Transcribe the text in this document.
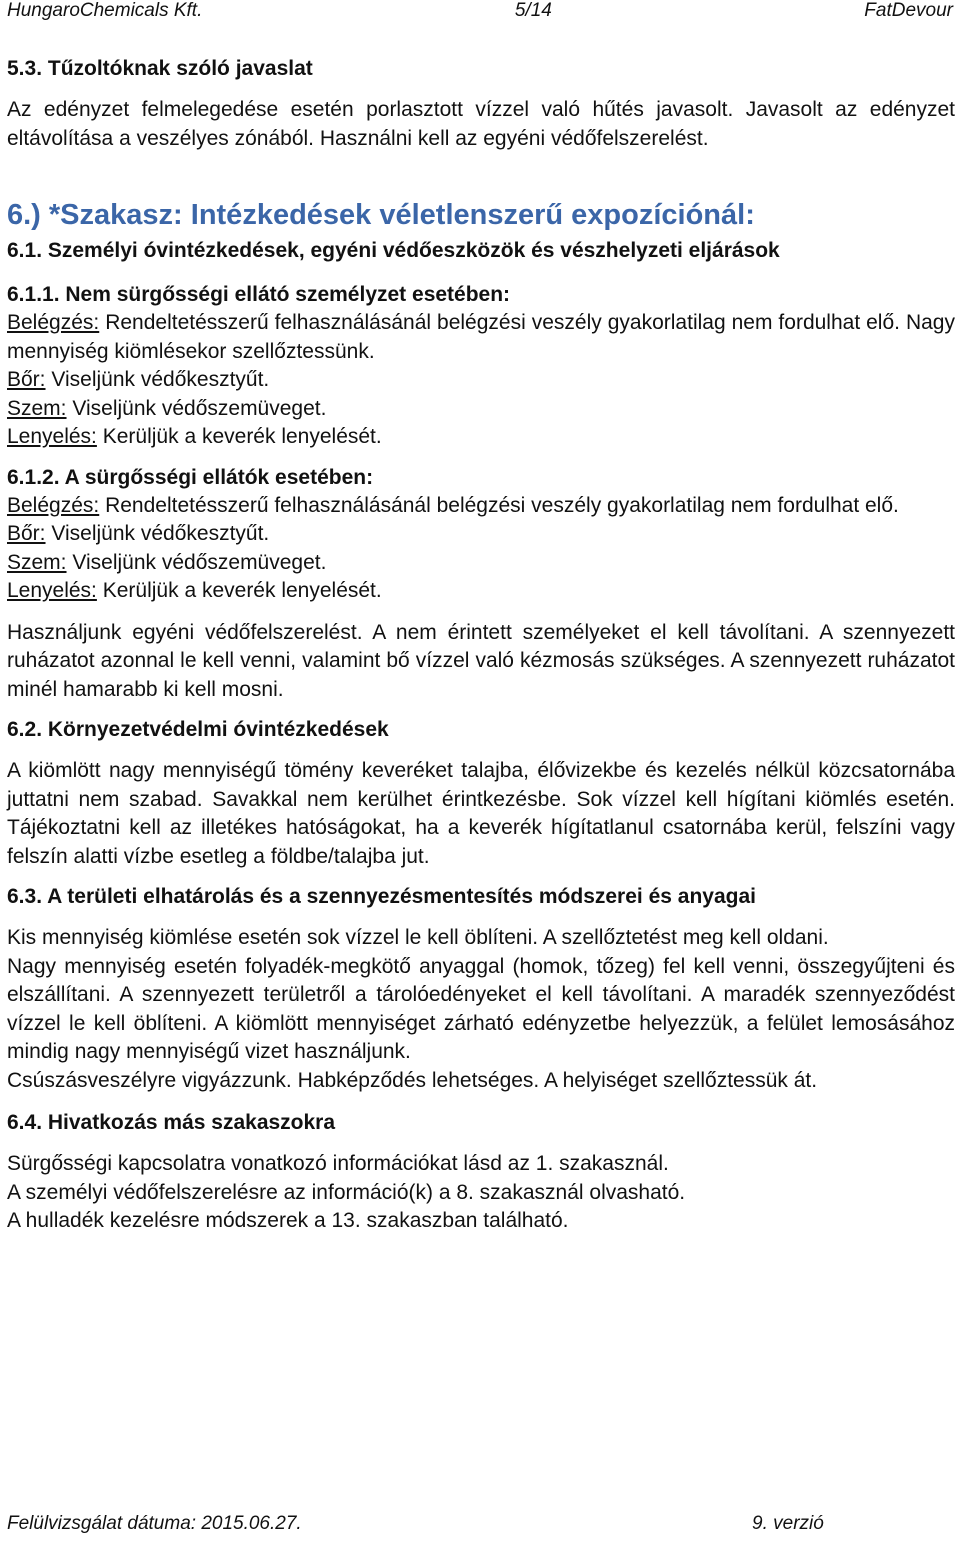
HungaroChemicals Kft.	5/14	FatDevour

5.3. Tűzoltóknak szóló javaslat

Az edényzet felmelegedése esetén porlasztott vízzel való hűtés javasolt. Javasolt az edényzet eltávolítása a veszélyes zónából. Használni kell az egyéni védőfelszerelést.

6.) *Szakasz: Intézkedések véletlenszerű expozíciónál:

6.1. Személyi óvintézkedések, egyéni védőeszközök és vészhelyzeti eljárások

6.1.1. Nem sürgősségi ellátó személyzet esetében:

Belégzés: Rendeltetésszerű felhasználásánál belégzési veszély gyakorlatilag nem fordulhat elő. Nagy mennyiség kiömlésekor szellőztessünk.

Bőr: Viseljünk védőkesztyűt.

Szem: Viseljünk védőszemüveget.

Lenyelés: Kerüljük a keverék lenyelését.

6.1.2. A sürgősségi ellátók esetében:

Belégzés: Rendeltetésszerű felhasználásánál belégzési veszély gyakorlatilag nem fordulhat elő.

Bőr: Viseljünk védőkesztyűt.

Szem: Viseljünk védőszemüveget.

Lenyelés: Kerüljük a keverék lenyelését.

Használjunk egyéni védőfelszerelést. A nem érintett személyeket el kell távolítani. A szennyezett ruházatot azonnal le kell venni, valamint bő vízzel való kézmosás szükséges. A szennyezett ruházatot minél hamarabb ki kell mosni.

6.2. Környezetvédelmi óvintézkedések

A kiömlött nagy mennyiségű tömény keveréket talajba, élővizekbe és kezelés nélkül közcsatornába juttatni nem szabad. Savakkal nem kerülhet érintkezésbe. Sok vízzel kell hígítani kiömlés esetén. Tájékoztatni kell az illetékes hatóságokat, ha a keverék hígítatlanul csatornába kerül, felszíni vagy felszín alatti vízbe esetleg a földbe/talajba jut.

6.3. A területi elhatárolás és a szennyezésmentesítés módszerei és anyagai

Kis mennyiség kiömlése esetén sok vízzel le kell öblíteni. A szellőztetést meg kell oldani.

Nagy mennyiség esetén folyadék-megkötő anyaggal (homok, tőzeg) fel kell venni, összegyűjteni és elszállítani. A szennyezett területről a tárolóedényeket el kell távolítani. A maradék szennyeződést vízzel le kell öblíteni. A kiömlött mennyiséget zárható edényzetbe helyezzük, a felület lemosásához mindig nagy mennyiségű vizet használjunk.

Csúszásveszélyre vigyázzunk. Habképződés lehetséges. A helyiséget szellőztessük át.

6.4. Hivatkozás más szakaszokra

Sürgősségi kapcsolatra vonatkozó információkat lásd az 1. szakasznál.

A személyi védőfelszerelésre az információ(k) a 8. szakasznál olvasható.

A hulladék kezelésre módszerek a 13. szakaszban található.

Felülvizsgálat dátuma: 2015.06.27.	9. verzió
